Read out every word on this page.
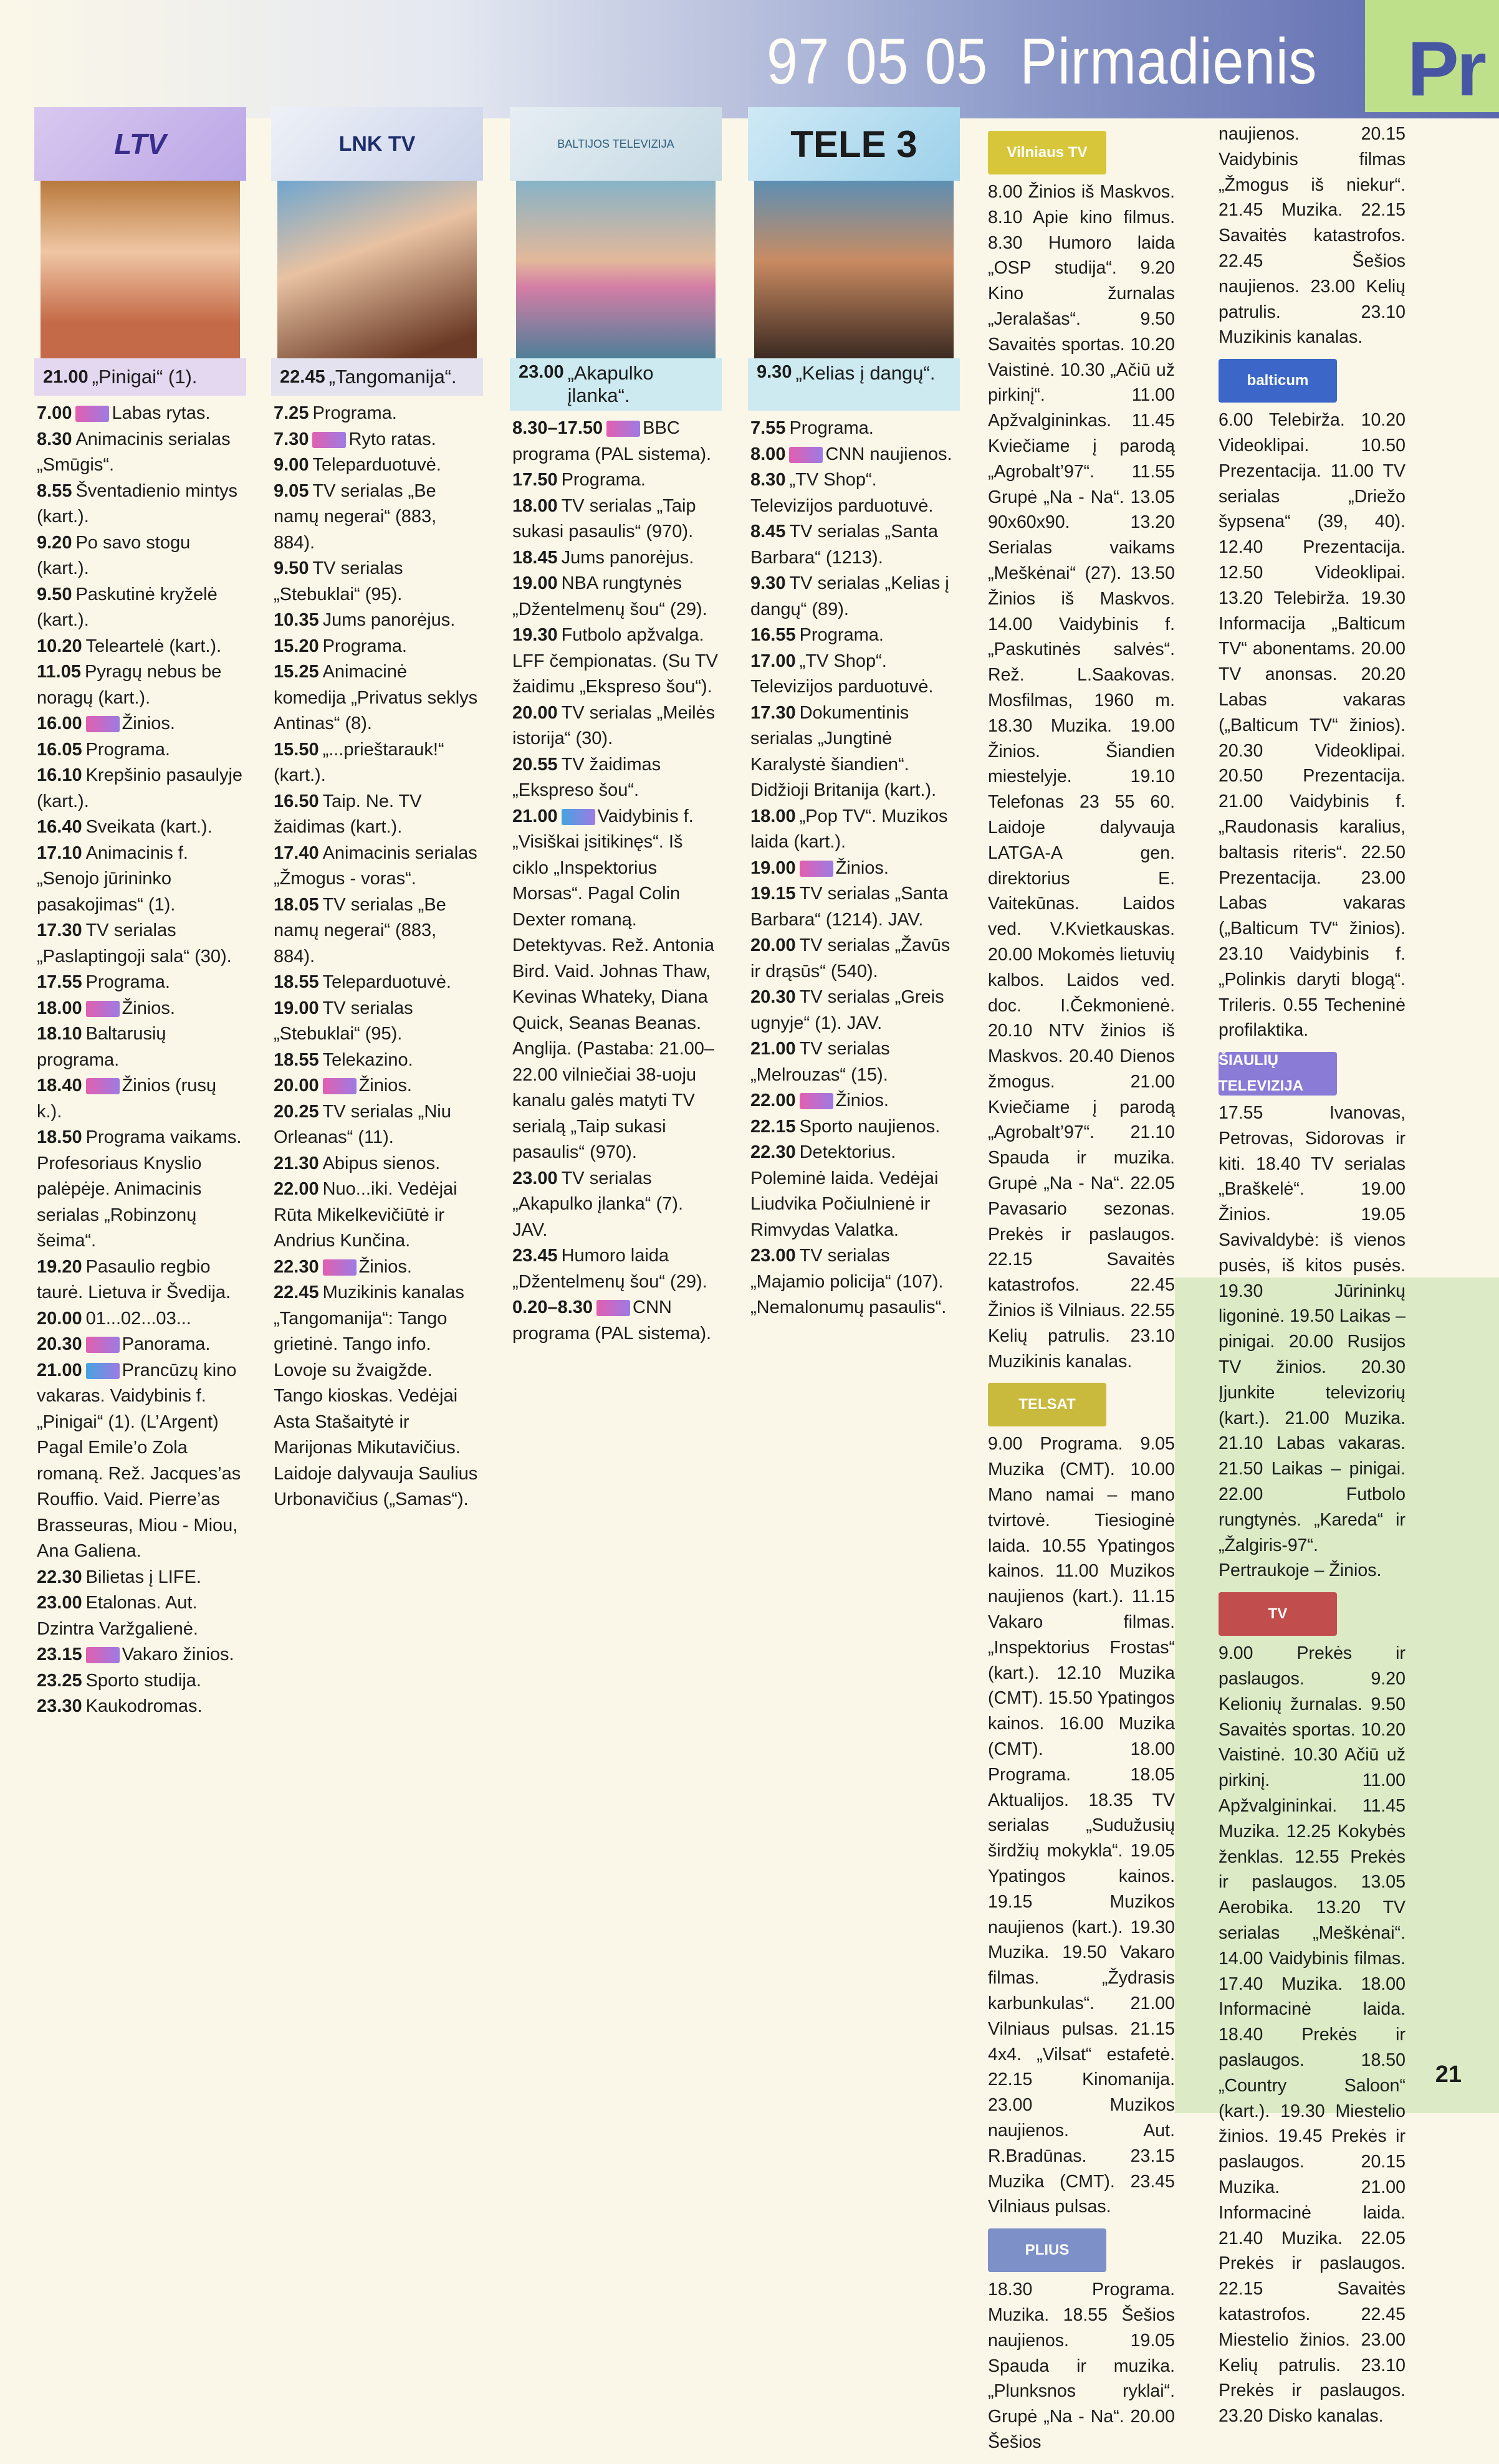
97 05 05 Pirmadienis Pr
LTV
21.00 „Pinigai“ (1).
7.00 Labas rytas.
8.30 Animacinis serialas „Smūgis“.
8.55 Šventadienio mintys (kart.).
9.20 Po savo stogu (kart.).
9.50 Paskutinė kryželė (kart.).
10.20 Teleartelė (kart.).
11.05 Pyragų nebus be noragų (kart.).
16.00 Žinios.
16.05 Programa.
16.10 Krepšinio pasaulyje (kart.).
16.40 Sveikata (kart.).
17.10 Animacinis f. „Senojo jūrininko pasakojimas“ (1).
17.30 TV serialas „Paslaptingoji sala“ (30).
17.55 Programa.
18.00 Žinios.
18.10 Baltarusių programa.
18.40 Žinios (rusų k.).
18.50 Programa vaikams. Profesoriaus Knyslio palėpėje. Animacinis serialas „Robinzonų šeima“.
19.20 Pasaulio regbio taurė. Lietuva ir Švedija.
20.00 01...02...03...
20.30 Panorama.
21.00 Prancūzų kino vakaras. Vaidybinis f. „Pinigai“ (1). (L’Argent) Pagal Emile’o Zola romaną. Rež. Jacques’as Rouffio. Vaid. Pierre’as Brasseuras, Miou - Miou, Ana Galiena.
22.30 Bilietas į LIFE.
23.00 Etalonas. Aut. Dzintra Varžgalienė.
23.15 Vakaro žinios.
23.25 Sporto studija.
23.30 Kaukodromas.
LNK TV
22.45 „Tangomanija“.
7.25 Programa.
7.30 Ryto ratas.
9.00 Teleparduotuvė.
9.05 TV serialas „Be namų negerai“ (883, 884).
9.50 TV serialas „Stebuklai“ (95).
10.35 Jums panorėjus.
15.20 Programa.
15.25 Animacinė komedija „Privatus seklys Antinas“ (8).
15.50 „...prieštarauk!“ (kart.).
16.50 Taip. Ne. TV žaidimas (kart.).
17.40 Animacinis serialas „Žmogus - voras“.
18.05 TV serialas „Be namų negerai“ (883, 884).
18.55 Teleparduotuvė.
19.00 TV serialas „Stebuklai“ (95).
18.55 Telekazino.
20.00 Žinios.
20.25 TV serialas „Niu Orleanas“ (11).
21.30 Abipus sienos.
22.00 Nuo...iki. Vedėjai Rūta Mikelkevičiūtė ir Andrius Kunčina.
22.30 Žinios.
22.45 Muzikinis kanalas „Tangomanija“: Tango grietinė. Tango info. Lovoje su žvaigžde. Tango kioskas. Vedėjai Asta Stašaitytė ir Marijonas Mikutavičius. Laidoje dalyvauja Saulius Urbonavičius („Samas“).
BALTIJOS TELEVIZIJA
23.00 „Akapulko įlanka“.
8.30–17.50 BBC programa (PAL sistema).
17.50 Programa.
18.00 TV serialas „Taip sukasi pasaulis“ (970).
18.45 Jums panorėjus.
19.00 NBA rungtynės „Džentelmenų šou“ (29).
19.30 Futbolo apžvalga. LFF čempionatas. (Su TV žaidimu „Ekspreso šou“).
20.00 TV serialas „Meilės istorija“ (30).
20.55 TV žaidimas „Ekspreso šou“.
21.00 Vaidybinis f. „Visiškai įsitikinęs“. Iš ciklo „Inspektorius Morsas“. Pagal Colin Dexter romaną. Detektyvas. Rež. Antonia Bird. Vaid. Johnas Thaw, Kevinas Whateky, Diana Quick, Seanas Beanas. Anglija. (Pastaba: 21.00–22.00 vilniečiai 38-uoju kanalu galės matyti TV serialą „Taip sukasi pasaulis“ (970).
23.00 TV serialas „Akapulko įlanka“ (7). JAV.
23.45 Humoro laida „Džentelmenų šou“ (29).
0.20–8.30 CNN programa (PAL sistema).
TELE 3
9.30 „Kelias į dangų“.
7.55 Programa.
8.00 CNN naujienos.
8.30 „TV Shop“. Televizijos parduotuvė.
8.45 TV serialas „Santa Barbara“ (1213).
9.30 TV serialas „Kelias į dangų“ (89).
16.55 Programa.
17.00 „TV Shop“. Televizijos parduotuvė.
17.30 Dokumentinis serialas „Jungtinė Karalystė šiandien“. Didžioji Britanija (kart.).
18.00 „Pop TV“. Muzikos laida (kart.).
19.00 Žinios.
19.15 TV serialas „Santa Barbara“ (1214). JAV.
20.00 TV serialas „Žavūs ir drąsūs“ (540).
20.30 TV serialas „Greis ugnyje“ (1). JAV.
21.00 TV serialas „Melrouzas“ (15).
22.00 Žinios.
22.15 Sporto naujienos.
22.30 Detektorius. Poleminė laida. Vedėjai Liudvika Počiulnienė ir Rimvydas Valatka.
23.00 TV serialas „Majamio policija“ (107). „Nemalonumų pasaulis“.
Vilniaus TV
8.00 Žinios iš Maskvos. 8.10 Apie kino filmus. 8.30 Humoro laida „OSP studija“. 9.20 Kino žurnalas „Jeralašas“. 9.50 Savaitės sportas. 10.20 Vaistinė. 10.30 „Ačiū už pirkinį“. 11.00 Apžvalgininkas. 11.45 Kviečiame į parodą „Agrobalt’97“. 11.55 Grupė „Na - Na“. 13.05 90x60x90. 13.20 Serialas vaikams „Meškėnai“ (27). 13.50 Žinios iš Maskvos. 14.00 Vaidybinis f. „Paskutinės salvės“. Rež. L.Saakovas. Mosfilmas, 1960 m. 18.30 Muzika. 19.00 Žinios. Šiandien miestelyje. 19.10 Telefonas 23 55 60. Laidoje dalyvauja LATGA-A gen. direktorius E. Vaitekūnas. Laidos ved. V.Kvietkauskas. 20.00 Mokomės lietuvių kalbos. Laidos ved. doc. I.Čekmonienė. 20.10 NTV žinios iš Maskvos. 20.40 Dienos žmogus. 21.00 Kviečiame į parodą „Agrobalt’97“. 21.10 Spauda ir muzika. Grupė „Na - Na“. 22.05 Pavasario sezonas. Prekės ir paslaugos. 22.15 Savaitės katastrofos. 22.45 Žinios iš Vilniaus. 22.55 Kelių patrulis. 23.10 Muzikinis kanalas.
TELSAT
9.00 Programa. 9.05 Muzika (CMT). 10.00 Mano namai – mano tvirtovė. Tiesioginė laida. 10.55 Ypatingos kainos. 11.00 Muzikos naujienos (kart.). 11.15 Vakaro filmas. „Inspektorius Frostas“ (kart.). 12.10 Muzika (CMT). 15.50 Ypatingos kainos. 16.00 Muzika (CMT). 18.00 Programa. 18.05 Aktualijos. 18.35 TV serialas „Sudužusių širdžių mokykla“. 19.05 Ypatingos kainos. 19.15 Muzikos naujienos (kart.). 19.30 Muzika. 19.50 Vakaro filmas. „Žydrasis karbunkulas“. 21.00 Vilniaus pulsas. 21.15 4x4. „Vilsat“ estafetė. 22.15 Kinomanija. 23.00 Muzikos naujienos. Aut. R.Bradūnas. 23.15 Muzika (CMT). 23.45 Vilniaus pulsas.
PLIUS
18.30 Programa. Muzika. 18.55 Šešios naujienos. 19.05 Spauda ir muzika. „Plunksnos ryklai“. Grupė „Na - Na“. 20.00 Šešios
naujienos. 20.15 Vaidybinis filmas „Žmogus iš niekur“. 21.45 Muzika. 22.15 Savaitės katastrofos. 22.45 Šešios naujienos. 23.00 Kelių patrulis. 23.10 Muzikinis kanalas.
balticum
6.00 Telebirža. 10.20 Videoklipai. 10.50 Prezentacija. 11.00 TV serialas „Driežo šypsena“ (39, 40). 12.40 Prezentacija. 12.50 Videoklipai. 13.20 Telebirža. 19.30 Informacija „Balticum TV“ abonentams. 20.00 TV anonsas. 20.20 Labas vakaras („Balticum TV“ žinios). 20.30 Videoklipai. 20.50 Prezentacija. 21.00 Vaidybinis f. „Raudonasis karalius, baltasis riteris“. 22.50 Prezentacija. 23.00 Labas vakaras („Balticum TV“ žinios). 23.10 Vaidybinis f. „Polinkis daryti blogą“. Trileris. 0.55 Techeninė profilaktika.
ŠIAULIŲ TELEVIZIJA
17.55 Ivanovas, Petrovas, Sidorovas ir kiti. 18.40 TV serialas „Braškelė“. 19.00 Žinios. 19.05 Savivaldybė: iš vienos pusės, iš kitos pusės. 19.30 Jūrininkų ligoninė. 19.50 Laikas – pinigai. 20.00 Rusijos TV žinios. 20.30 Įjunkite televizorių (kart.). 21.00 Muzika. 21.10 Labas vakaras. 21.50 Laikas – pinigai. 22.00 Futbolo rungtynės. „Kareda“ ir „Žalgiris-97“. Pertraukoje – Žinios.
TV
9.00 Prekės ir paslaugos. 9.20 Kelionių žurnalas. 9.50 Savaitės sportas. 10.20 Vaistinė. 10.30 Ačiū už pirkinį. 11.00 Apžvalgininkai. 11.45 Muzika. 12.25 Kokybės ženklas. 12.55 Prekės ir paslaugos. 13.05 Aerobika. 13.20 TV serialas „Meškėnai“. 14.00 Vaidybinis filmas. 17.40 Muzika. 18.00 Informacinė laida. 18.40 Prekės ir paslaugos. 18.50 „Country Saloon“ (kart.). 19.30 Miestelio žinios. 19.45 Prekės ir paslaugos. 20.15 Muzika. 21.00 Informacinė laida. 21.40 Muzika. 22.05 Prekės ir paslaugos. 22.15 Savaitės katastrofos. 22.45 Miestelio žinios. 23.00 Kelių patrulis. 23.10 Prekės ir paslaugos. 23.20 Disko kanalas.
21
